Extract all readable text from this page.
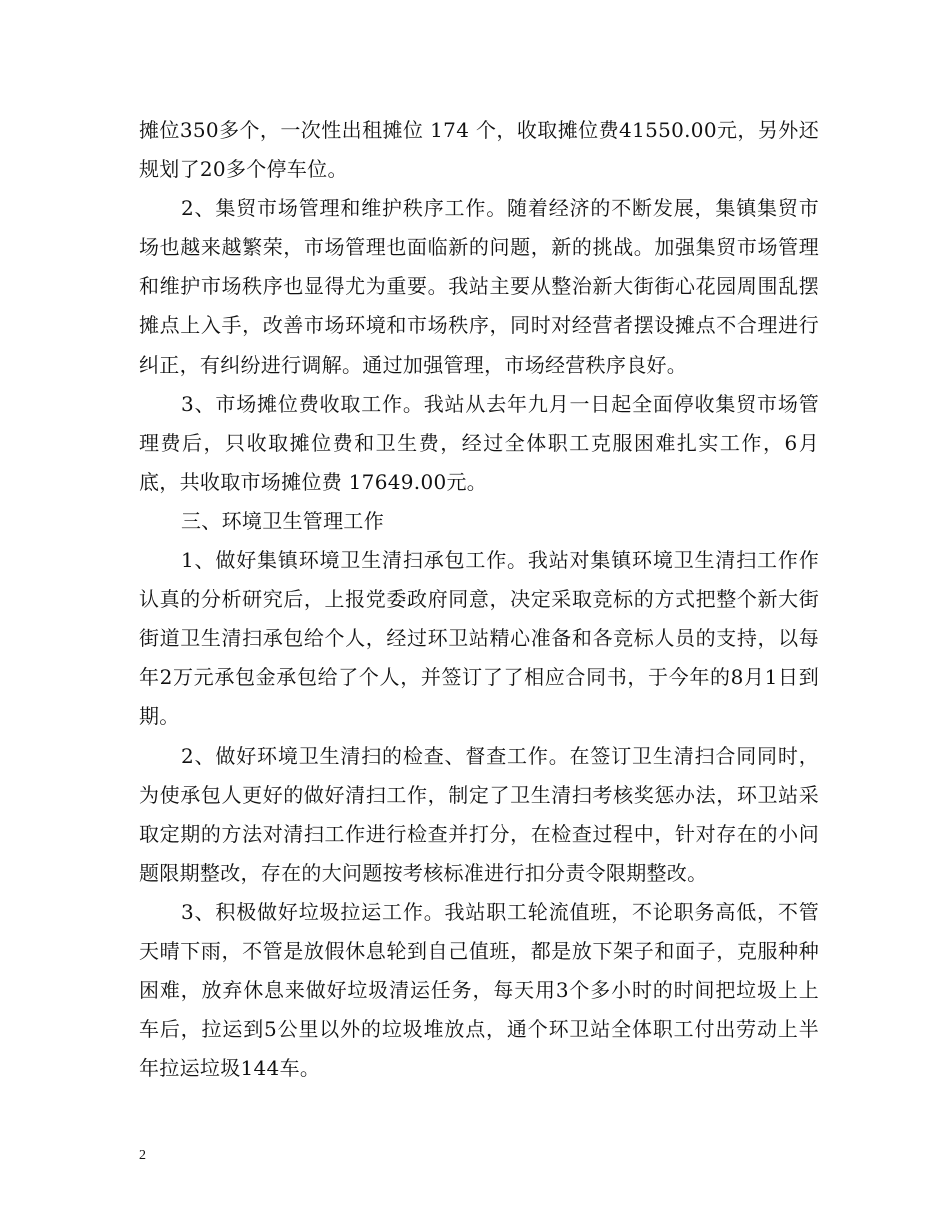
摊位350多个，一次性出租摊位 174 个，收取摊位费41550.00元，另外还规划了20多个停车位。

2、集贸市场管理和维护秩序工作。随着经济的不断发展，集镇集贸市场也越来越繁荣，市场管理也面临新的问题，新的挑战。加强集贸市场管理和维护市场秩序也显得尤为重要。我站主要从整治新大街街心花园周围乱摆摊点上入手，改善市场环境和市场秩序，同时对经营者摆设摊点不合理进行纠正，有纠纷进行调解。通过加强管理，市场经营秩序良好。

3、市场摊位费收取工作。我站从去年九月一日起全面停收集贸市场管理费后，只收取摊位费和卫生费，经过全体职工克服困难扎实工作，6月底，共收取市场摊位费 17649.00元。

三、环境卫生管理工作

1、做好集镇环境卫生清扫承包工作。我站对集镇环境卫生清扫工作作认真的分析研究后，上报党委政府同意，决定采取竞标的方式把整个新大街街道卫生清扫承包给个人，经过环卫站精心准备和各竞标人员的支持，以每年2万元承包金承包给了个人，并签订了了相应合同书，于今年的8月1日到期。

2、做好环境卫生清扫的检查、督查工作。在签订卫生清扫合同同时，为使承包人更好的做好清扫工作，制定了卫生清扫考核奖惩办法，环卫站采取定期的方法对清扫工作进行检查并打分，在检查过程中，针对存在的小问题限期整改，存在的大问题按考核标准进行扣分责令限期整改。

3、积极做好垃圾拉运工作。我站职工轮流值班，不论职务高低，不管天晴下雨，不管是放假休息轮到自己值班，都是放下架子和面子，克服种种困难，放弃休息来做好垃圾清运任务，每天用3个多小时的时间把垃圾上上车后，拉运到5公里以外的垃圾堆放点，通个环卫站全体职工付出劳动上半年拉运垃圾144车。

2
